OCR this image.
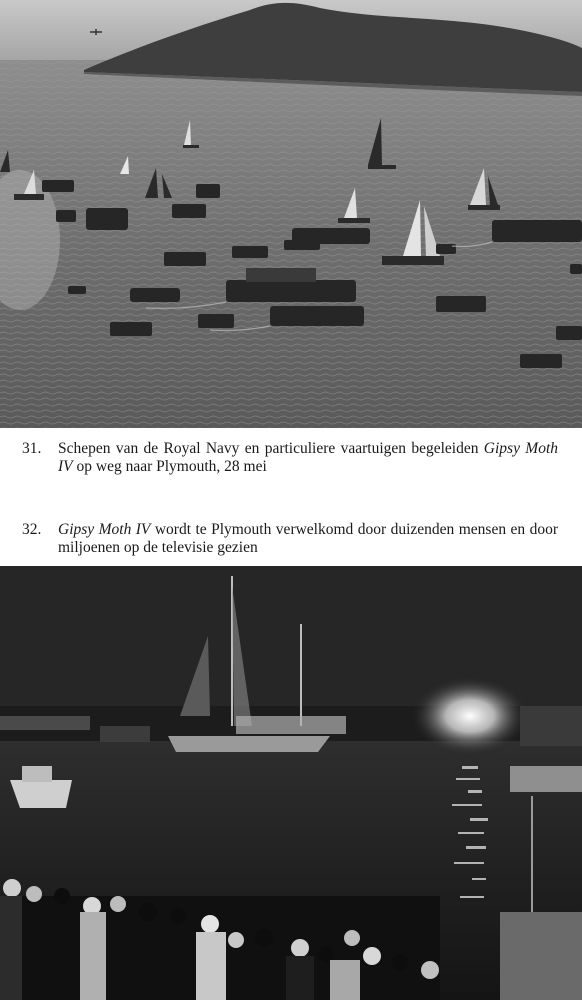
31.	Schepen van de Royal Navy en particuliere vaartuigen begeleiden Gipsy Moth IV op weg naar Plymouth, 28 mei
32.	Gipsy Moth IV wordt te Plymouth verwelkomd door duizenden mensen en door miljoenen op de televisie gezien
